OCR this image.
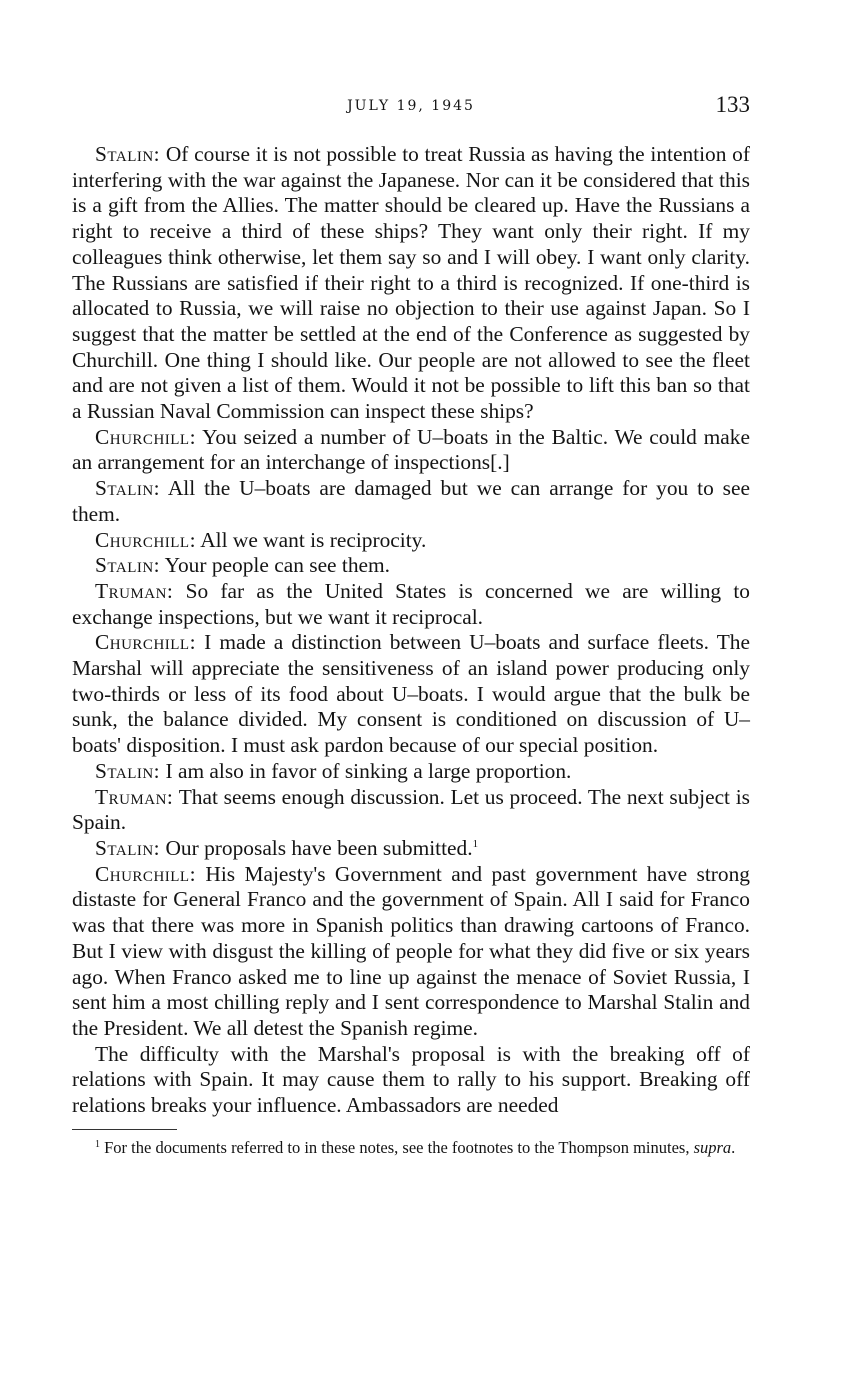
JULY 19, 1945	133

Stalin: Of course it is not possible to treat Russia as having the intention of interfering with the war against the Japanese. Nor can it be considered that this is a gift from the Allies. The matter should be cleared up. Have the Russians a right to receive a third of these ships? They want only their right. If my colleagues think otherwise, let them say so and I will obey. I want only clarity. The Russians are satisfied if their right to a third is recognized. If one-third is allocated to Russia, we will raise no objection to their use against Japan. So I suggest that the matter be settled at the end of the Conference as suggested by Churchill. One thing I should like. Our people are not allowed to see the fleet and are not given a list of them. Would it not be possible to lift this ban so that a Russian Naval Commission can inspect these ships?

Churchill: You seized a number of U–boats in the Baltic. We could make an arrangement for an interchange of inspections[.]

Stalin: All the U–boats are damaged but we can arrange for you to see them.

Churchill: All we want is reciprocity.

Stalin: Your people can see them.

Truman: So far as the United States is concerned we are willing to exchange inspections, but we want it reciprocal.

Churchill: I made a distinction between U–boats and surface fleets. The Marshal will appreciate the sensitiveness of an island power producing only two-thirds or less of its food about U–boats. I would argue that the bulk be sunk, the balance divided. My consent is conditioned on discussion of U–boats' disposition. I must ask pardon because of our special position.

Stalin: I am also in favor of sinking a large proportion.

Truman: That seems enough discussion. Let us proceed. The next subject is Spain.

Stalin: Our proposals have been submitted.$^1$

Churchill: His Majesty's Government and past government have strong distaste for General Franco and the government of Spain. All I said for Franco was that there was more in Spanish politics than drawing cartoons of Franco. But I view with disgust the killing of people for what they did five or six years ago. When Franco asked me to line up against the menace of Soviet Russia, I sent him a most chilling reply and I sent correspondence to Marshal Stalin and the President. We all detest the Spanish regime.

The difficulty with the Marshal's proposal is with the breaking off of relations with Spain. It may cause them to rally to his support. Breaking off relations breaks your influence. Ambassadors are needed

$^1$ For the documents referred to in these notes, see the footnotes to the Thompson minutes, supra.
